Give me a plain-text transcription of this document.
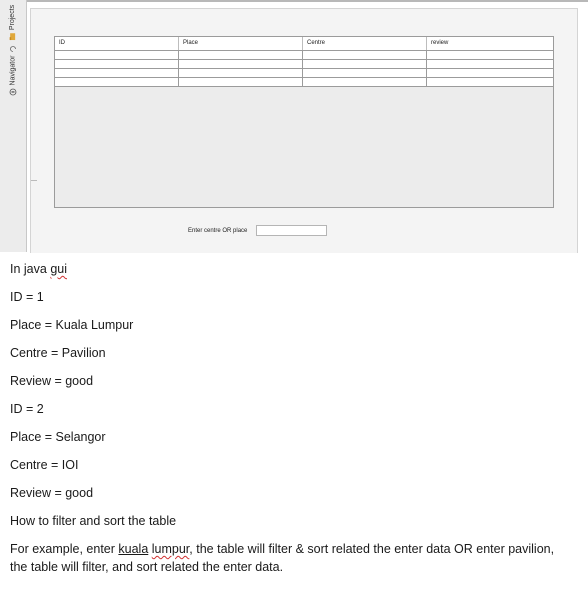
Projects
Navigator
ID	Place	Centre	review
Enter centre OR place
In java gui
ID = 1
Place = Kuala Lumpur
Centre = Pavilion
Review = good
ID = 2
Place = Selangor
Centre = IOI
Review = good
How to filter and sort the table
For example, enter kuala lumpur, the table will filter & sort related the enter data OR enter pavilion,
the table will filter, and sort related the enter data.
